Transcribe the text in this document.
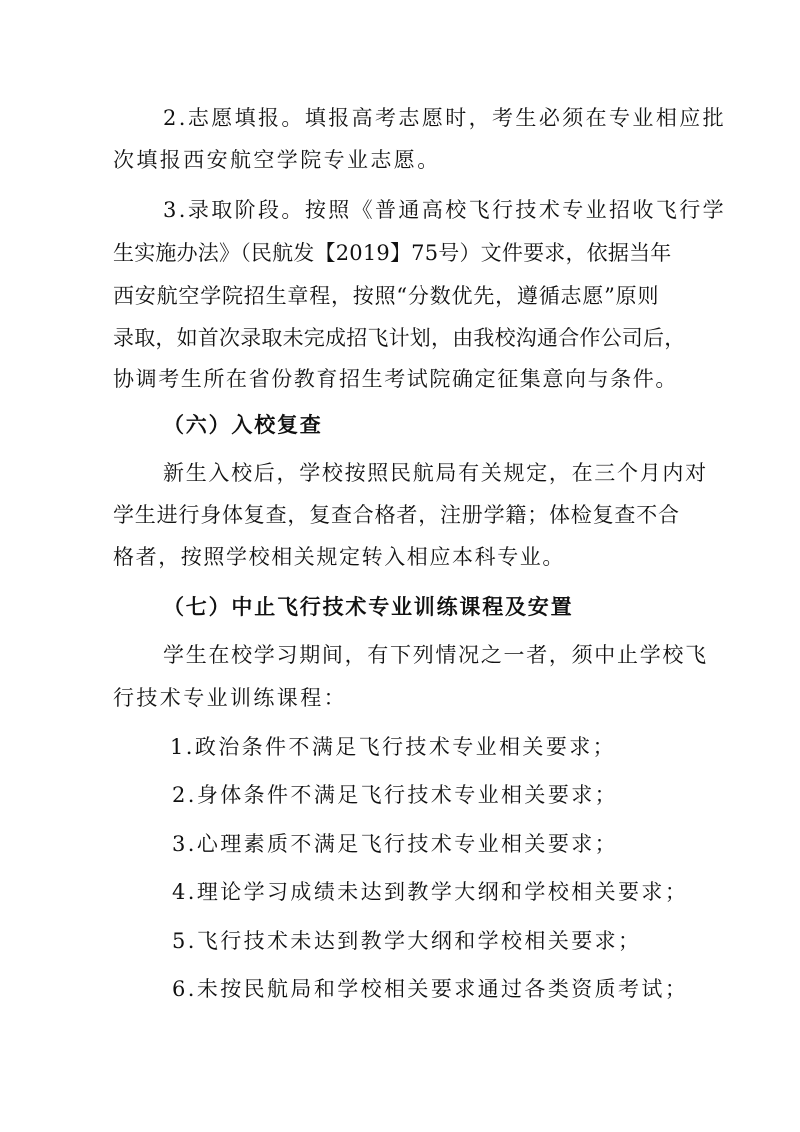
2.志愿填报。填报高考志愿时，考生必须在专业相应批
次填报西安航空学院专业志愿。
3.录取阶段。按照《普通高校飞行技术专业招收飞行学
生实施办法》（民航发【2019】75号）文件要求，依据当年
西安航空学院招生章程，按照“分数优先，遵循志愿”原则
录取，如首次录取未完成招飞计划，由我校沟通合作公司后，
协调考生所在省份教育招生考试院确定征集意向与条件。
（六）入校复查
新生入校后，学校按照民航局有关规定，在三个月内对
学生进行身体复查，复查合格者，注册学籍；体检复查不合
格者，按照学校相关规定转入相应本科专业。
（七）中止飞行技术专业训练课程及安置
学生在校学习期间，有下列情况之一者，须中止学校飞
行技术专业训练课程：
1.政治条件不满足飞行技术专业相关要求；
2.身体条件不满足飞行技术专业相关要求；
3.心理素质不满足飞行技术专业相关要求；
4.理论学习成绩未达到教学大纲和学校相关要求；
5.飞行技术未达到教学大纲和学校相关要求；
6.未按民航局和学校相关要求通过各类资质考试；
